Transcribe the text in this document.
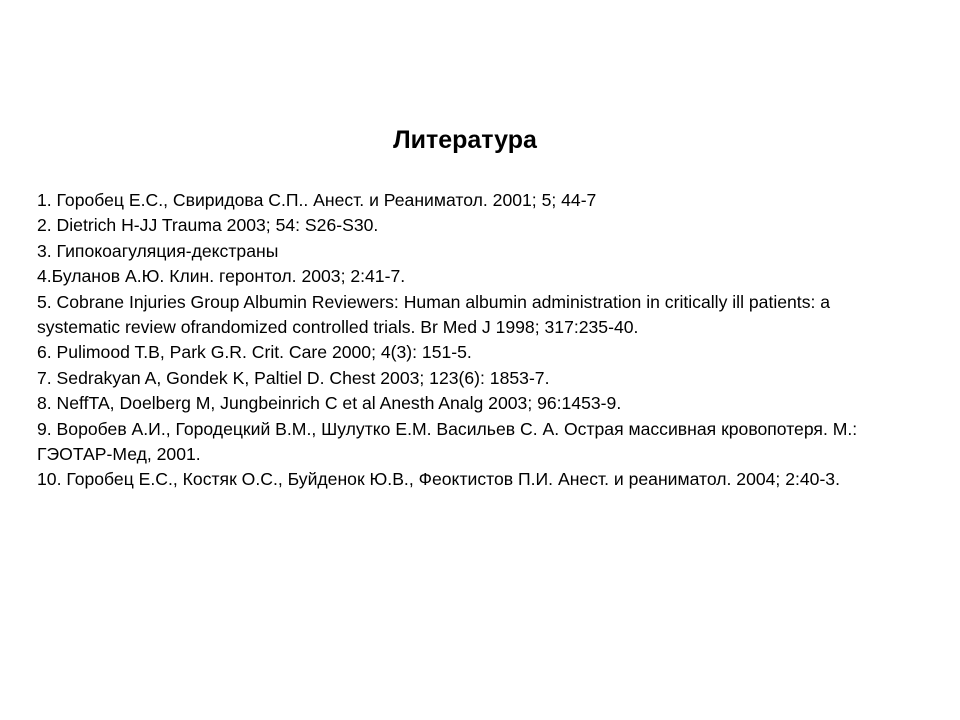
Литература
1. Горобец Е.С., Свиридова С.П.. Анест. и Реаниматол. 2001; 5; 44-7
2. Dietrich H-JJ Trauma 2003; 54: S26-S30.
3. Гипокоагуляция-декстраны
4.Буланов А.Ю. Клин. геронтол. 2003; 2:41-7.
5. Cobrane Injuries Group Albumin Reviewers: Human albumin administration in critically ill patients: a systematic review ofrandomized controlled trials. Br Med J 1998; 317:235-40.
6. Pulimood T.B, Park G.R. Crit. Care 2000; 4(3): 151-5.
7. Sedrakyan A, Gondek K, Paltiel D. Chest 2003; 123(6): 1853-7.
8. NeffTA, Doelberg M, Jungbeinrich C et al Anesth Analg 2003; 96:1453-9.
9. Воробев А.И., Городецкий В.М., Шулутко Е.М. Васильев С. А. Острая массивная кровопотеря. М.: ГЭОТАР-Мед, 2001.
10. Горобец Е.С., Костяк О.С., Буйденок Ю.В., Феоктистов П.И. Анест. и реаниматол. 2004; 2:40-3.
